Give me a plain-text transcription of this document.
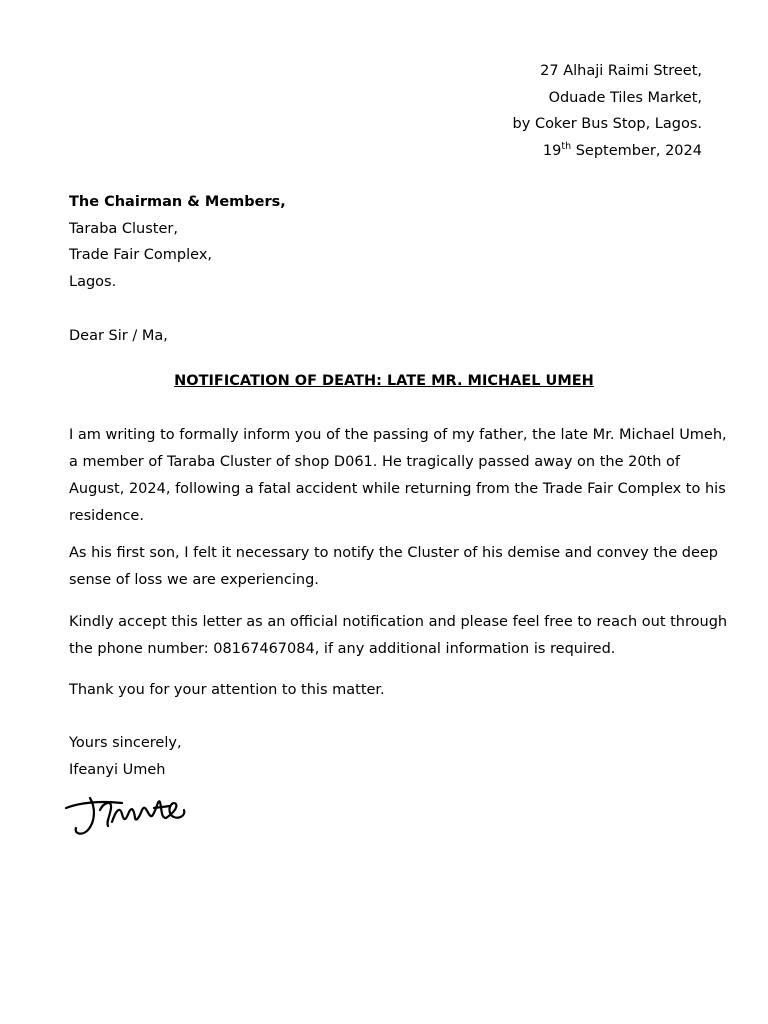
27 Alhaji Raimi Street,
Oduade Tiles Market,
by Coker Bus Stop, Lagos.
19th September, 2024
The Chairman & Members,
Taraba Cluster,
Trade Fair Complex,
Lagos.
Dear Sir / Ma,
NOTIFICATION OF DEATH: LATE MR. MICHAEL UMEH

I am writing to formally inform you of the passing of my father, the late Mr. Michael Umeh,

a member of Taraba Cluster of shop D061. He tragically passed away on the 20th of

August, 2024, following a fatal accident while returning from the Trade Fair Complex to his

residence.

As his first son, I felt it necessary to notify the Cluster of his demise and convey the deep

sense of loss we are experiencing.

Kindly accept this letter as an official notification and please feel free to reach out through

the phone number: 08167467084, if any additional information is required.

Thank you for your attention to this matter.

Yours sincerely,
Ifeanyi Umeh
